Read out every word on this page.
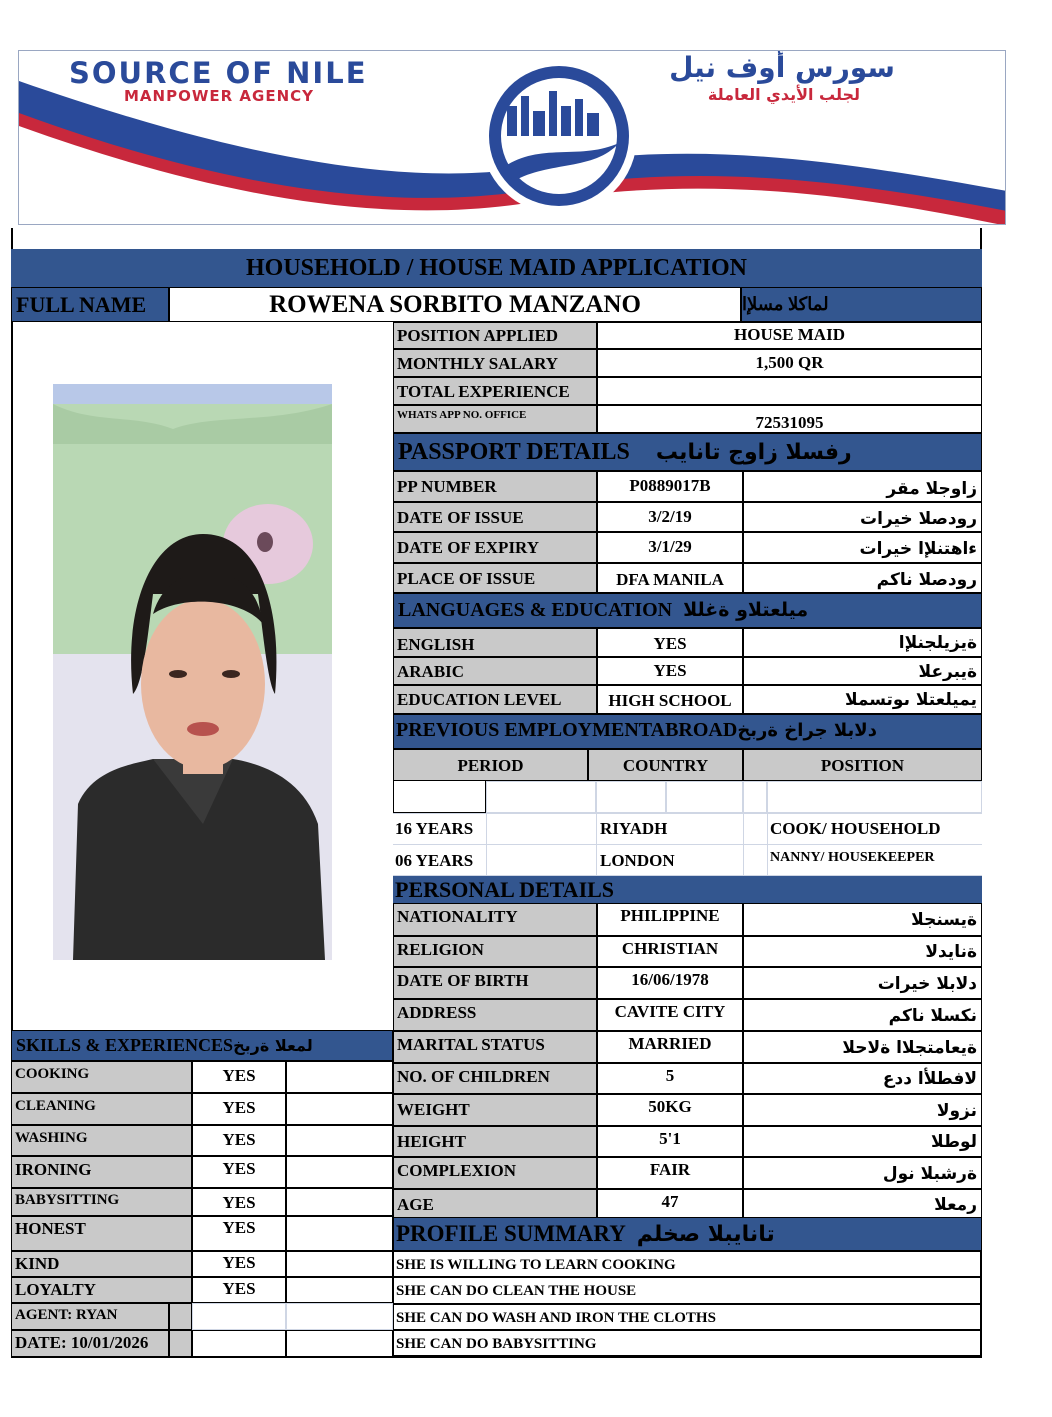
SOURCE OF NILE
MANPOWER AGENCY
سورس أوف نيل
لجلب الأيدي العاملة
HOUSEHOLD / HOUSE MAID APPLICATION
FULL NAME	ROWENA SORBITO MANZANO	لماكلا مسلإا
POSITION APPLIED	HOUSE MAID
MONTHLY SALARY	1,500 QR
TOTAL EXPERIENCE
WHATS APP NO. OFFICE	72531095
PASSPORT DETAILS رفسلا زاوج تانايب
PP NUMBER	P0889017B	زاوجلا مقر
DATE OF ISSUE	3/2/19	رودصلا خيرات
DATE OF EXPIRY	3/1/29	ءاهتنلإا خيرات
PLACE OF ISSUE	DFA MANILA	رودصلا ناكم
LANGUAGES & EDUCATION ميلعتلاو ةغللا
ENGLISH	YES	ةيزيلجنلإا
ARABIC	YES	ةيبرعلا
EDUCATION LEVEL	HIGH SCHOOL	يميلعتلا ىوتسملا
PREVIOUS EMPLOYMENTABROADدلابلا جراخ ةربخ
PERIOD	COUNTRY	POSITION
16 YEARS	RIYADH	COOK/ HOUSEHOLD
06 YEARS	LONDON	NANNY/ HOUSEKEEPER
PERSONAL DETAILS
NATIONALITY	PHILIPPINE	ةيسنجلا
RELIGION	CHRISTIAN	ةنايدلا
DATE OF BIRTH	16/06/1978	دلابلا خيرات
ADDRESS	CAVITE CITY	نكسلا ناكم
MARITAL STATUS	MARRIED	ةيعامتجلاا ةلاحلا
NO. OF CHILDREN	5	لافطلأا ددع
WEIGHT	50KG	نزولا
HEIGHT	5'1	لوطلا
COMPLEXION	FAIR	ةرشبلا نول
AGE	47	رمعلا
PROFILE SUMMARY تانايبلا صخلم
SHE IS WILLING TO LEARN COOKING
SHE CAN DO CLEAN THE HOUSE
SHE CAN DO WASH AND IRON THE CLOTHS
SHE CAN DO BABYSITTING
SKILLS & EXPERIENCESلمعلا ةربخ
COOKING	YES
CLEANING	YES
WASHING	YES
IRONING	YES
BABYSITTING	YES
HONEST	YES
KIND	YES
LOYALTY	YES
AGENT: RYAN
DATE: 10/01/2026
